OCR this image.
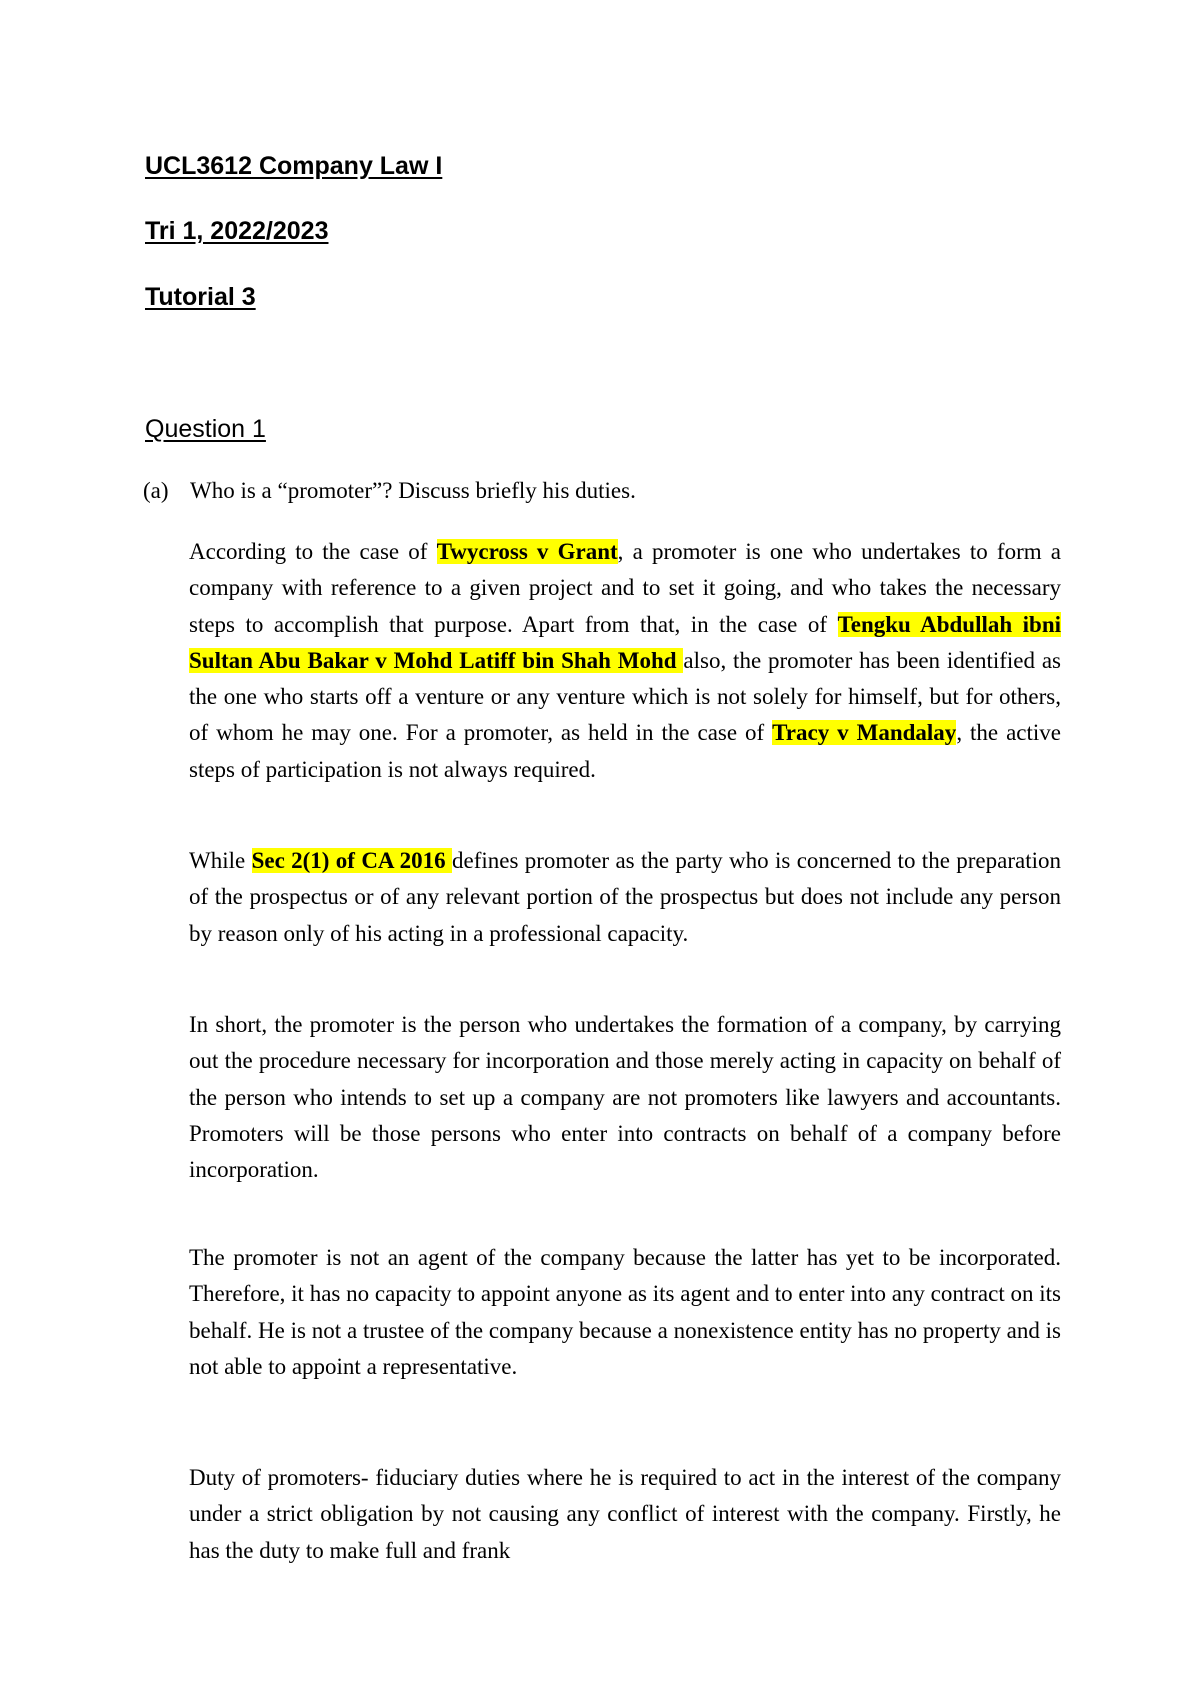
UCL3612 Company Law I
Tri 1, 2022/2023
Tutorial 3
Question 1
(a) Who is a “promoter”? Discuss briefly his duties.

According to the case of Twycross v Grant, a promoter is one who undertakes to form a company with reference to a given project and to set it going, and who takes the necessary steps to accomplish that purpose. Apart from that, in the case of Tengku Abdullah ibni Sultan Abu Bakar v Mohd Latiff bin Shah Mohd also, the promoter has been identified as the one who starts off a venture or any venture which is not solely for himself, but for others, of whom he may one. For a promoter, as held in the case of Tracy v Mandalay, the active steps of participation is not always required.

While Sec 2(1) of CA 2016 defines promoter as the party who is concerned to the preparation of the prospectus or of any relevant portion of the prospectus but does not include any person by reason only of his acting in a professional capacity.

In short, the promoter is the person who undertakes the formation of a company, by carrying out the procedure necessary for incorporation and those merely acting in capacity on behalf of the person who intends to set up a company are not promoters like lawyers and accountants. Promoters will be those persons who enter into contracts on behalf of a company before incorporation.

The promoter is not an agent of the company because the latter has yet to be incorporated. Therefore, it has no capacity to appoint anyone as its agent and to enter into any contract on its behalf. He is not a trustee of the company because a nonexistence entity has no property and is not able to appoint a representative.

Duty of promoters- fiduciary duties where he is required to act in the interest of the company under a strict obligation by not causing any conflict of interest with the company. Firstly, he has the duty to make full and frank
